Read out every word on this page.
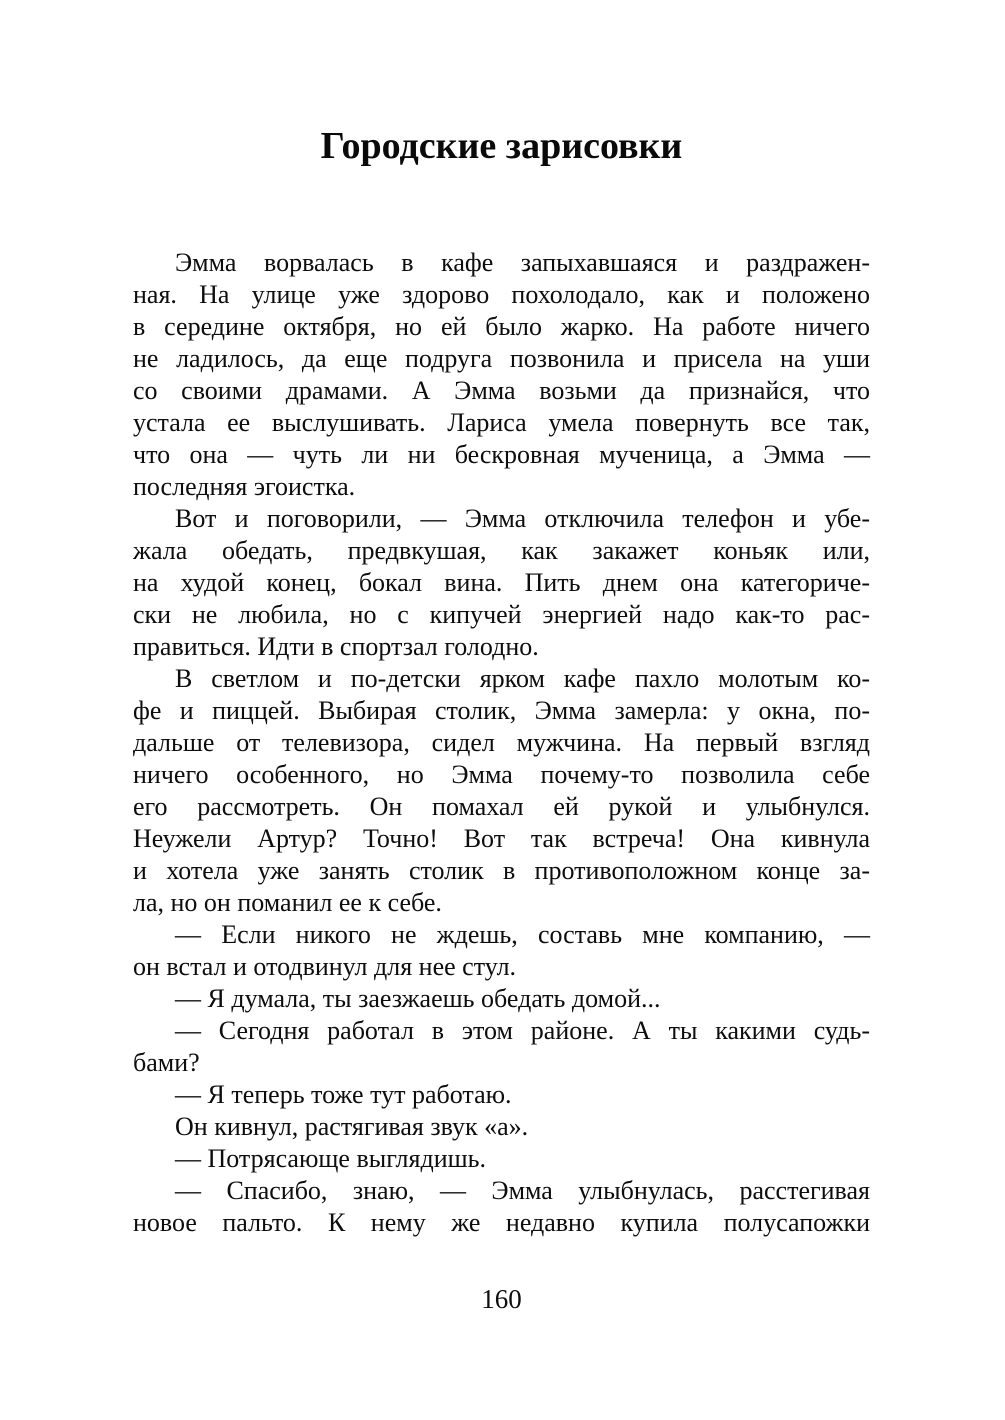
Городские зарисовки

Эмма ворвалась в кафе запыхавшаяся и раздражен-
ная. На улице уже здорово похолодало, как и положено
в середине октября, но ей было жарко. На работе ничего
не ладилось, да еще подруга позвонила и присела на уши
со своими драмами. А Эмма возьми да признайся, что
устала ее выслушивать. Лариса умела повернуть все так,
что она — чуть ли ни бескровная мученица, а Эмма —
последняя эгоистка.

Вот и поговорили, — Эмма отключила телефон и убе-
жала обедать, предвкушая, как закажет коньяк или,
на худой конец, бокал вина. Пить днем она категориче-
ски не любила, но с кипучей энергией надо как-то рас-
правиться. Идти в спортзал голодно.

В светлом и по-детски ярком кафе пахло молотым ко-
фе и пиццей. Выбирая столик, Эмма замерла: у окна, по-
дальше от телевизора, сидел мужчина. На первый взгляд
ничего особенного, но Эмма почему-то позволила себе
его рассмотреть. Он помахал ей рукой и улыбнулся.
Неужели Артур? Точно! Вот так встреча! Она кивнула
и хотела уже занять столик в противоположном конце за-
ла, но он поманил ее к себе.

— Если никого не ждешь, составь мне компанию, —
он встал и отодвинул для нее стул.

— Я думала, ты заезжаешь обедать домой...

— Сегодня работал в этом районе. А ты какими судь-
бами?

— Я теперь тоже тут работаю.

Он кивнул, растягивая звук «а».

— Потрясающе выглядишь.

— Спасибо, знаю, — Эмма улыбнулась, расстегивая
новое пальто. К нему же недавно купила полусапожки

160
